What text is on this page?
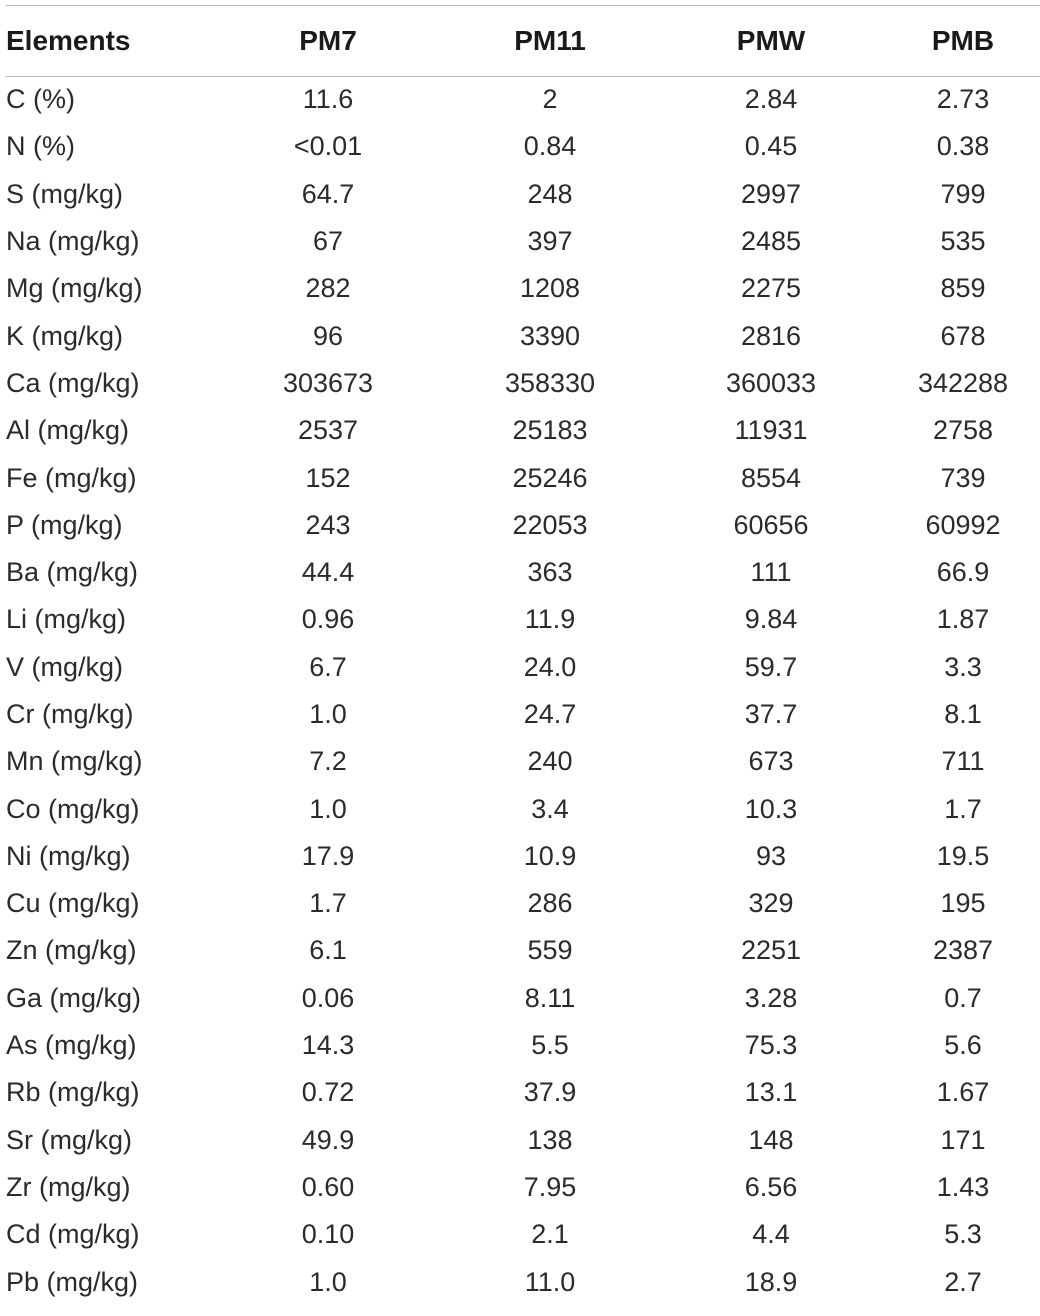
Elements	PM7	PM11	PMW	PMB
C (%)	11.6	2	2.84	2.73
N (%)	<0.01	0.84	0.45	0.38
S (mg/kg)	64.7	248	2997	799
Na (mg/kg)	67	397	2485	535
Mg (mg/kg)	282	1208	2275	859
K (mg/kg)	96	3390	2816	678
Ca (mg/kg)	303673	358330	360033	342288
Al (mg/kg)	2537	25183	11931	2758
Fe (mg/kg)	152	25246	8554	739
P (mg/kg)	243	22053	60656	60992
Ba (mg/kg)	44.4	363	111	66.9
Li (mg/kg)	0.96	11.9	9.84	1.87
V (mg/kg)	6.7	24.0	59.7	3.3
Cr (mg/kg)	1.0	24.7	37.7	8.1
Mn (mg/kg)	7.2	240	673	711
Co (mg/kg)	1.0	3.4	10.3	1.7
Ni (mg/kg)	17.9	10.9	93	19.5
Cu (mg/kg)	1.7	286	329	195
Zn (mg/kg)	6.1	559	2251	2387
Ga (mg/kg)	0.06	8.11	3.28	0.7
As (mg/kg)	14.3	5.5	75.3	5.6
Rb (mg/kg)	0.72	37.9	13.1	1.67
Sr (mg/kg)	49.9	138	148	171
Zr (mg/kg)	0.60	7.95	6.56	1.43
Cd (mg/kg)	0.10	2.1	4.4	5.3
Pb (mg/kg)	1.0	11.0	18.9	2.7
